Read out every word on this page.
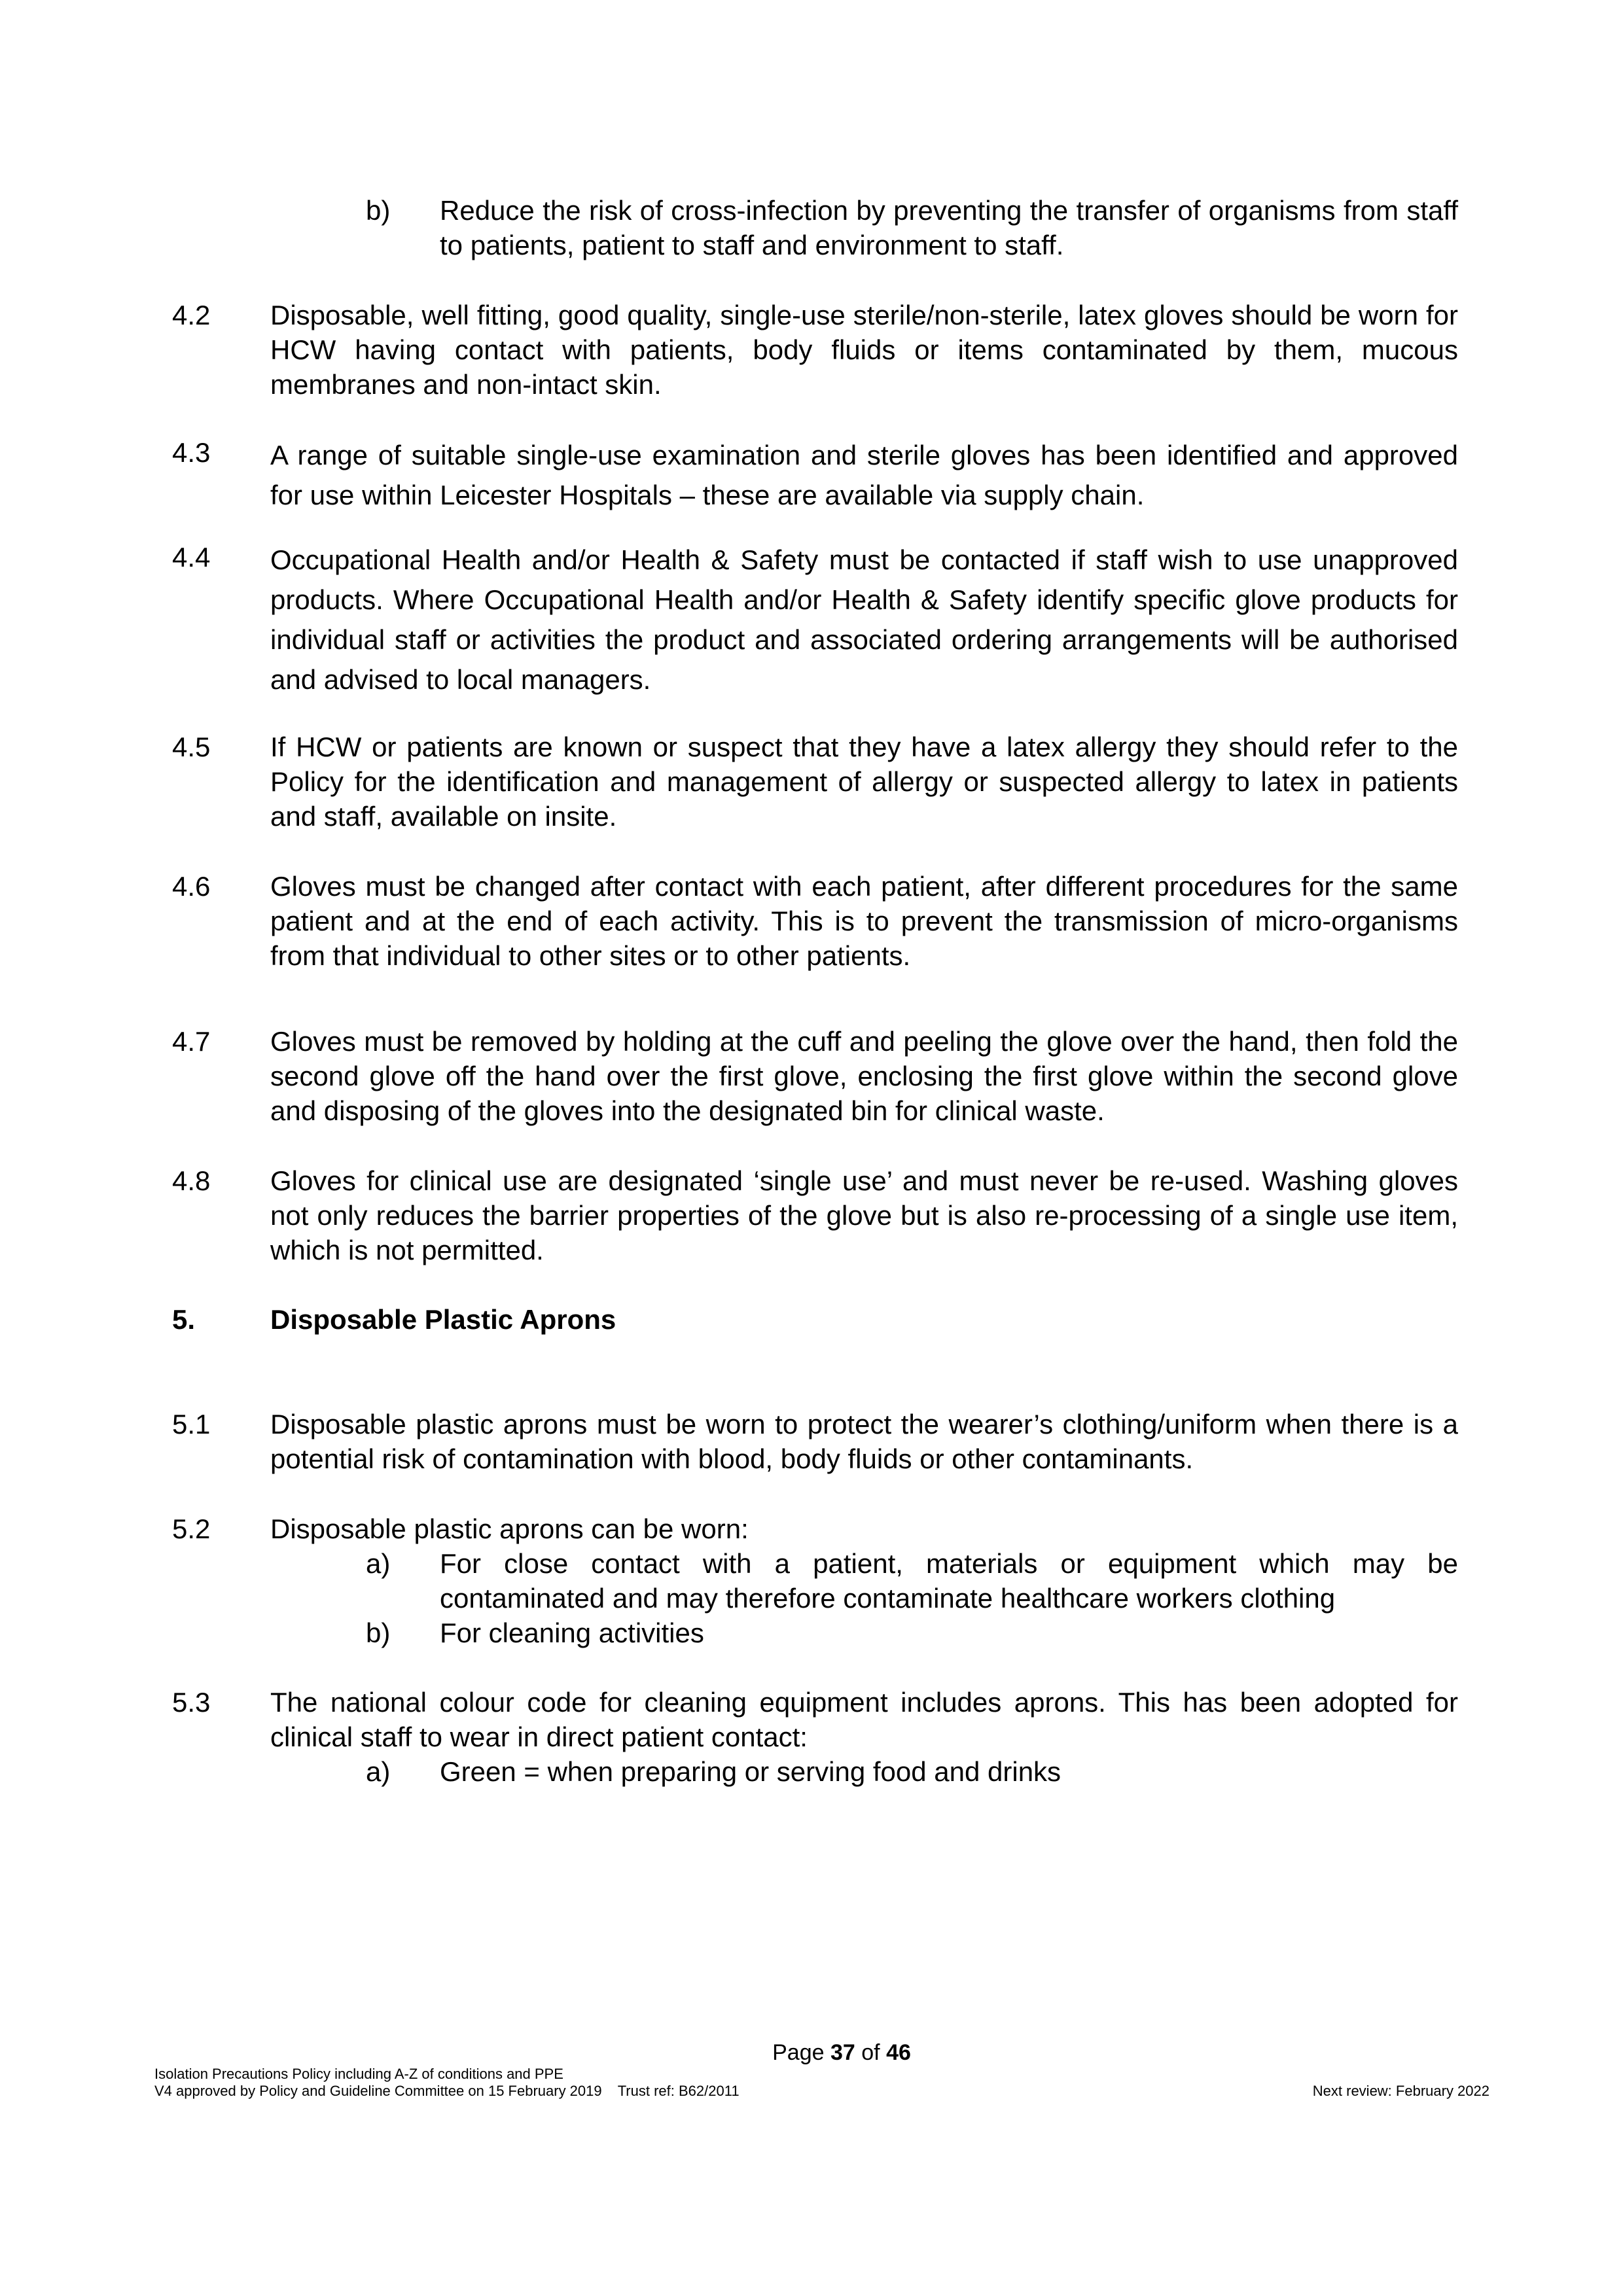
b)	Reduce the risk of cross-infection by preventing the transfer of organisms from staff to patients, patient to staff and environment to staff.
4.2	Disposable, well fitting, good quality, single-use sterile/non-sterile, latex gloves should be worn for HCW having contact with patients, body fluids or items contaminated by them, mucous membranes and non-intact skin.
4.3	A range of suitable single-use examination and sterile gloves has been identified and approved for use within Leicester Hospitals – these are available via supply chain.
4.4	Occupational Health and/or Health & Safety must be contacted if staff wish to use unapproved products. Where Occupational Health and/or Health & Safety identify specific glove products for individual staff or activities the product and associated ordering arrangements will be authorised and advised to local managers.
4.5	If HCW or patients are known or suspect that they have a latex allergy they should refer to the Policy for the identification and management of allergy or suspected allergy to latex in patients and staff, available on insite.
4.6	Gloves must be changed after contact with each patient, after different procedures for the same patient and at the end of each activity. This is to prevent the transmission of micro-organisms from that individual to other sites or to other patients.
4.7	Gloves must be removed by holding at the cuff and peeling the glove over the hand, then fold the second glove off the hand over the first glove, enclosing the first glove within the second glove and disposing of the gloves into the designated bin for clinical waste.
4.8	Gloves for clinical use are designated ‘single use’ and must never be re-used. Washing gloves not only reduces the barrier properties of the glove but is also re-processing of a single use item, which is not permitted.
5.	Disposable Plastic Aprons
5.1	Disposable plastic aprons must be worn to protect the wearer’s clothing/uniform when there is a potential risk of contamination with blood, body fluids or other contaminants.
5.2	Disposable plastic aprons can be worn:
a)	For close contact with a patient, materials or equipment which may be contaminated and may therefore contaminate healthcare workers clothing
b)	For cleaning activities
5.3	The national colour code for cleaning equipment includes aprons. This has been adopted for clinical staff to wear in direct patient contact:
a)	Green = when preparing or serving food and drinks
Page 37 of 46
Isolation Precautions Policy including A-Z of conditions and PPE
V4 approved by Policy and Guideline Committee on 15 February 2019 Trust ref: B62/2011	Next review: February 2022
